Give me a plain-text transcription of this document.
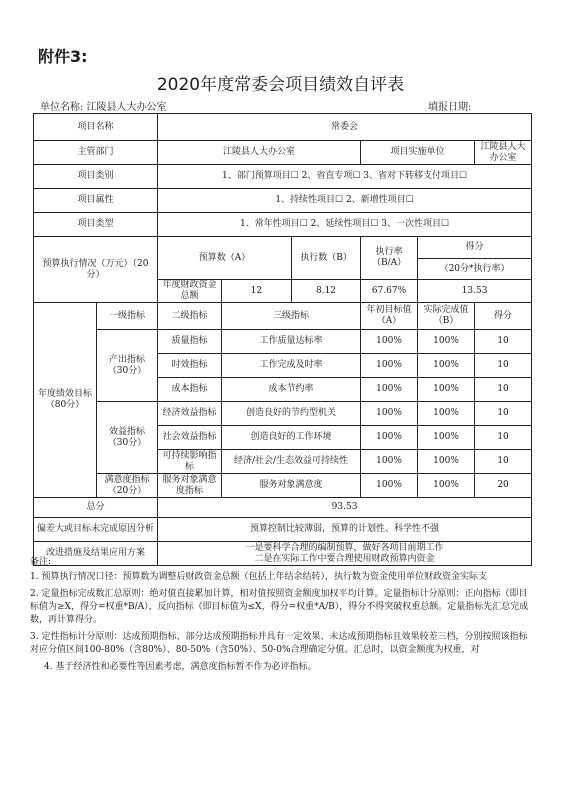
附件3:
2020年度常委会项目绩效自评表
单位名称: 江陵县人大办公室	填报日期:
项目名称		常委会					
主管部门		江陵县人大办公室			项目实施单位		江陵县人大办公室
项目类别		1、部门预算项目☐ 2、省直专项☐ 3、省对下转移支付项目☐					
项目属性		1、持续性项目☐ 2、新增性项目☐					
项目类型		1、常年性项目☐ 2、延续性项目☐ 3、一次性项目☐					
预算执行情况（万元）（20分）		预算数（A）		执行数（B）	执行率（B/A）	得分	
						（20分*执行率）	
		年度财政资金总额	12	8.12	67.67%	13.53	
年度绩效目标（80分）	一级指标	二级指标	三级指标		年初目标值（A）	实际完成值（B）	得分
	产出指标（30分）	质量指标	工作质量达标率		100%	100%	10
		时效指标	工作完成及时率		100%	100%	10
		成本指标	成本节约率		100%	100%	10
	效益指标（30分）	经济效益指标	创造良好的节约型机关		100%	100%	10
		社会效益指标	创造良好的工作环境		100%	100%	10
		可持续影响指标	经济/社会/生态效益可持续性		100%	100%	10
	满意度指标（20分）	服务对象满意度指标	服务对象满意度		100%	100%	20
总分		93.53					
偏差大或目标未完成原因分析		预算控制比较薄弱，预算的计划性、科学性不强					
改进措施及结果应用方案		一是要科学合理的编制预算，做好各项目前期工作
二是在实际工作中要合理使用财政预算内资金					
备注:
1. 预算执行情况口径：预算数为调整后财政资金总额（包括上年结余结转），执行数为资金使用单位财政资金实际支
2. 定量指标完成数汇总原则：绝对值直接累加计算，相对值按照资金额度加权平均计算。定量指标计分原则：正向指标（即目标值为≥X，得分=权重*B/A），反向指标（即目标值为≤X，得分=权重*A/B），得分不得突破权重总额。定量指标先汇总完成数，再计算得分。
3. 定性指标计分原则：达成预期指标、部分达成预期指标并具有一定效果、未达成预期指标且效果较差三档，分别按照该指标对应分值区间100-80%（含80%）、80-50%（含50%）、50-0%合理确定分值。汇总时，以资金额度为权重，对
4. 基于经济性和必要性等因素考虑，满意度指标暂不作为必评指标。
